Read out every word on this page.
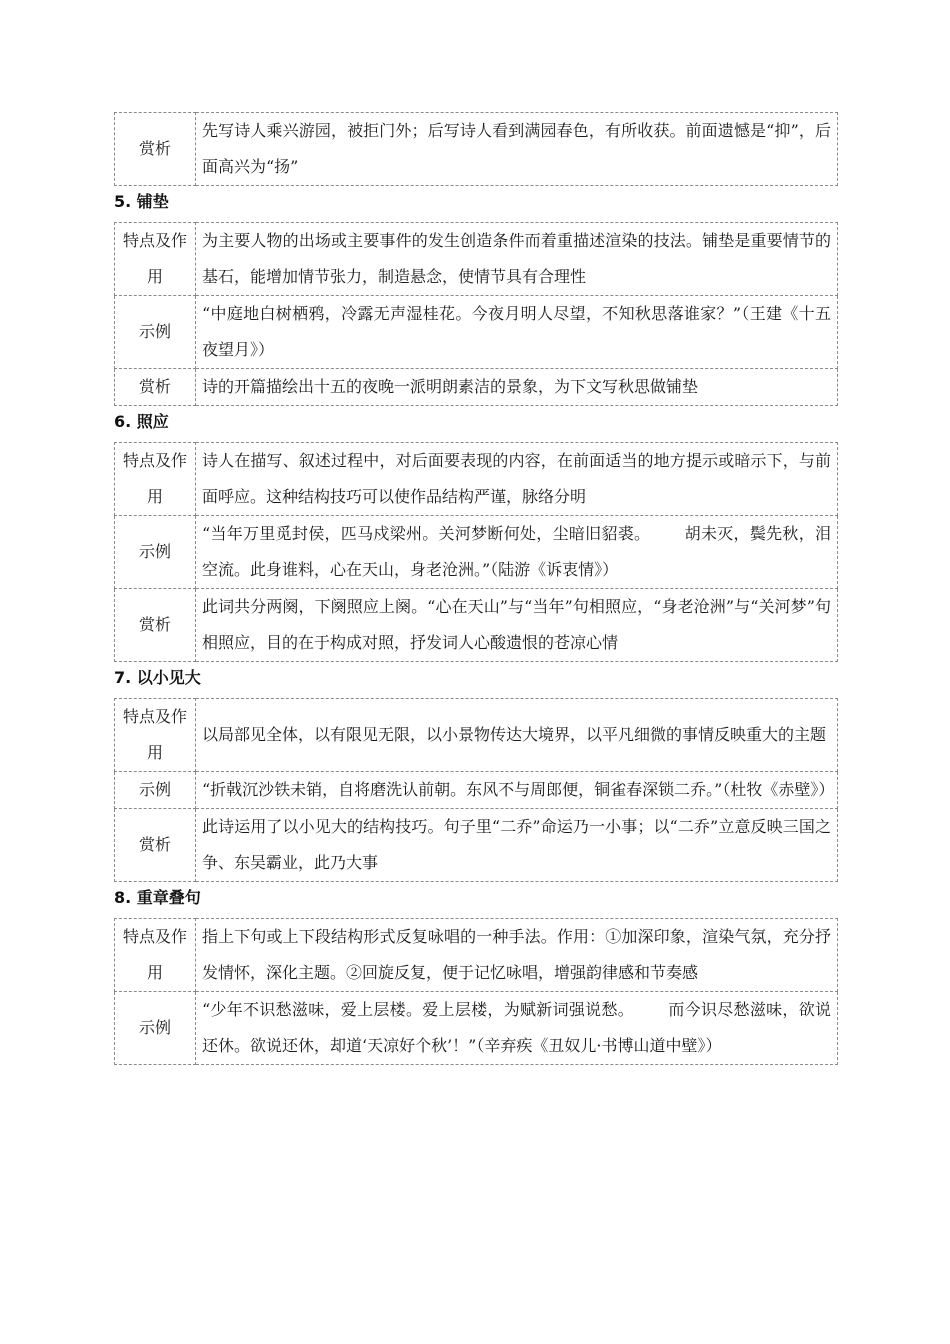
赏析	先写诗人乘兴游园，被拒门外；后写诗人看到满园春色，有所收获。前面遗憾是“抑”，后面高兴为“扬”
5. 铺垫
特点及作用	为主要人物的出场或主要事件的发生创造条件而着重描述渲染的技法。铺垫是重要情节的基石，能增加情节张力，制造悬念，使情节具有合理性
示例	“中庭地白树栖鸦，冷露无声湿桂花。今夜月明人尽望，不知秋思落谁家？”（王建《十五夜望月》）
赏析	诗的开篇描绘出十五的夜晚一派明朗素洁的景象，为下文写秋思做铺垫
6. 照应
特点及作用	诗人在描写、叙述过程中，对后面要表现的内容，在前面适当的地方提示或暗示下，与前面呼应。这种结构技巧可以使作品结构严谨，脉络分明
示例	“当年万里觅封侯，匹马戍梁州。关河梦断何处，尘暗旧貂裘。 胡未灭，鬓先秋，泪空流。此身谁料，心在天山，身老沧洲。”（陆游《诉衷情》）
赏析	此词共分两阕，下阕照应上阕。“心在天山”与“当年”句相照应，“身老沧洲”与“关河梦”句相照应，目的在于构成对照，抒发词人心酸遗恨的苍凉心情
7. 以小见大
特点及作用	以局部见全体，以有限见无限，以小景物传达大境界，以平凡细微的事情反映重大的主题
示例	“折戟沉沙铁未销，自将磨洗认前朝。东风不与周郎便，铜雀春深锁二乔。”（杜牧《赤壁》）
赏析	此诗运用了以小见大的结构技巧。句子里“二乔”命运乃一小事；以“二乔”立意反映三国之争、东吴霸业，此乃大事
8. 重章叠句
特点及作用	指上下句或上下段结构形式反复咏唱的一种手法。作用：①加深印象，渲染气氛，充分抒发情怀，深化主题。②回旋反复，便于记忆咏唱，增强韵律感和节奏感
示例	“少年不识愁滋味，爱上层楼。爱上层楼，为赋新词强说愁。 而今识尽愁滋味，欲说还休。欲说还休，却道‘天凉好个秋’！”（辛弃疾《丑奴儿·书博山道中壁》）
